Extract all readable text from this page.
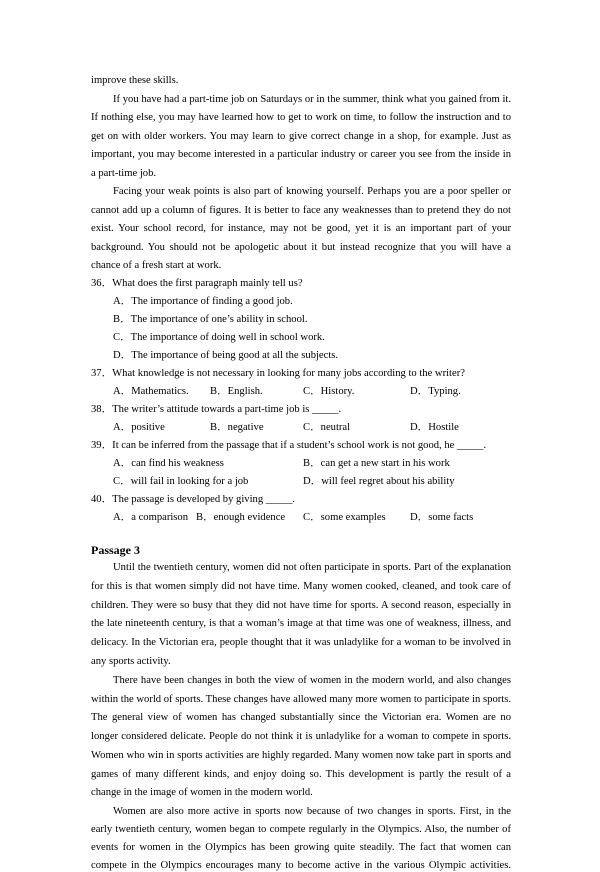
improve these skills.
If you have had a part-time job on Saturdays or in the summer, think what you gained from it.
If nothing else, you may have learned how to get to work on time, to follow the instruction and to
get on with older workers. You may learn to give correct change in a shop, for example. Just as
important, you may become interested in a particular industry or career you see from the inside in
a part-time job.
Facing your weak points is also part of knowing yourself. Perhaps you are a poor speller or
cannot add up a column of figures. It is better to face any weaknesses than to pretend they do not
exist. Your school record, for instance, may not be good, yet it is an important part of your
background. You should not be apologetic about it but instead recognize that you will have a
chance of a fresh start at work.
36．What does the first paragraph mainly tell us?
A．The importance of finding a good job.
B．The importance of one’s ability in school.
C．The importance of doing well in school work.
D．The importance of being good at all the subjects.
37．What knowledge is not necessary in looking for many jobs according to the writer?
A．Mathematics. B．English.	C．History.	D．Typing.
38．The writer’s attitude towards a part-time job is _____.
A．positive	B．negative	C．neutral	D．Hostile
39．It can be inferred from the passage that if a student’s school work is not good, he _____.
A．can find his weakness	B．can get a new start in his work
C．will fail in looking for a job	D．will feel regret about his ability
40．The passage is developed by giving _____.
A．a comparison B．enough evidence C．some examples D．some facts
Passage 3
Until the twentieth century, women did not often participate in sports. Part of the explanation
for this is that women simply did not have time. Many women cooked, cleaned, and took care of
children. They were so busy that they did not have time for sports. A second reason, especially in
the late nineteenth century, is that a woman’s image at that time was one of weakness, illness, and
delicacy. In the Victorian era, people thought that it was unladylike for a woman to be involved in
any sports activity.
There have been changes in both the view of women in the modern world, and also changes
within the world of sports. These changes have allowed many more women to participate in sports.
The general view of women has changed substantially since the Victorian era. Women are no
longer considered delicate. People do not think it is unladylike for a woman to compete in sports.
Women who win in sports activities are highly regarded. Many women now take part in sports and
games of many different kinds, and enjoy doing so. This development is partly the result of a
change in the image of women in the modern world.
Women are also more active in sports now because of two changes in sports. First, in the
early twentieth century, women began to compete regularly in the Olympics. Also, the number of
events for women in the Olympics has been growing quite steadily. The fact that women can
compete in the Olympics encourages many to become active in the various Olympic activities.
